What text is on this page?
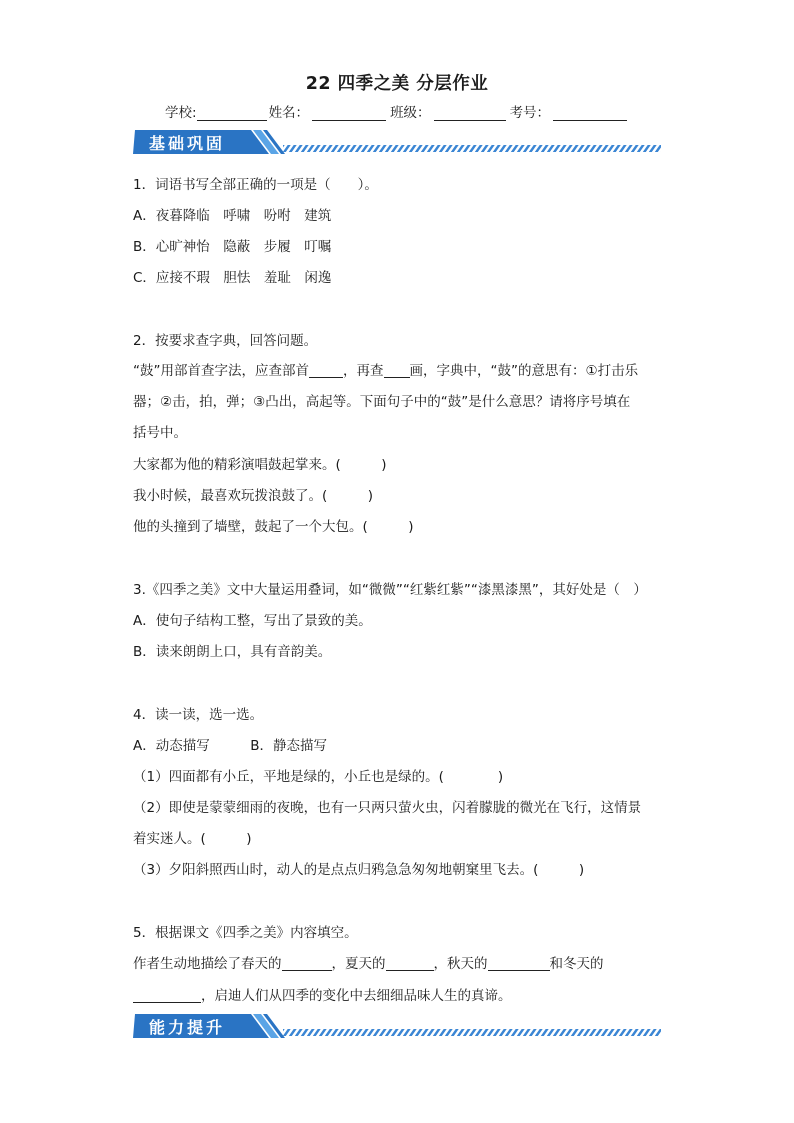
22 四季之美 分层作业
学校:	姓名：	班级：	考号：
基础巩固
1．词语书写全部正确的一项是（　　）。
A．夜暮降临　呼啸　吩咐　建筑
B．心旷神怡　隐蔽　步履　叮嘱
C．应接不瑕　胆怯　羞耻　闲逸
2．按要求查字典，回答问题。
“鼓”用部首查字法，应查部首	，再查 画，字典中，“鼓”的意思有：①打击乐
器；②击，拍，弹；③凸出，高起等。下面句子中的“鼓”是什么意思？请将序号填在
括号中。
大家都为他的精彩演唱鼓起掌来。(　　　)
我小时候，最喜欢玩拨浪鼓了。(　　　)
他的头撞到了墙壁，鼓起了一个大包。(　　　)
3.《四季之美》文中大量运用叠词，如“微微”“红紫红紫”“漆黑漆黑”，其好处是（　）
A．使句子结构工整，写出了景致的美。
B．读来朗朗上口，具有音韵美。
4．读一读，选一选。
A．动态描写　　　B．静态描写
（1）四面都有小丘，平地是绿的，小丘也是绿的。(　　　　)
（2）即使是蒙蒙细雨的夜晚，也有一只两只萤火虫，闪着朦胧的微光在飞行，这情景
着实迷人。(　　　)
（3）夕阳斜照西山时，动人的是点点归鸦急急匆匆地朝窠里飞去。(　　　)
5．根据课文《四季之美》内容填空。
作者生动地描绘了春天的	，夏天的	，秋天的	和冬天的
，启迪人们从四季的变化中去细细品味人生的真谛。
能力提升
